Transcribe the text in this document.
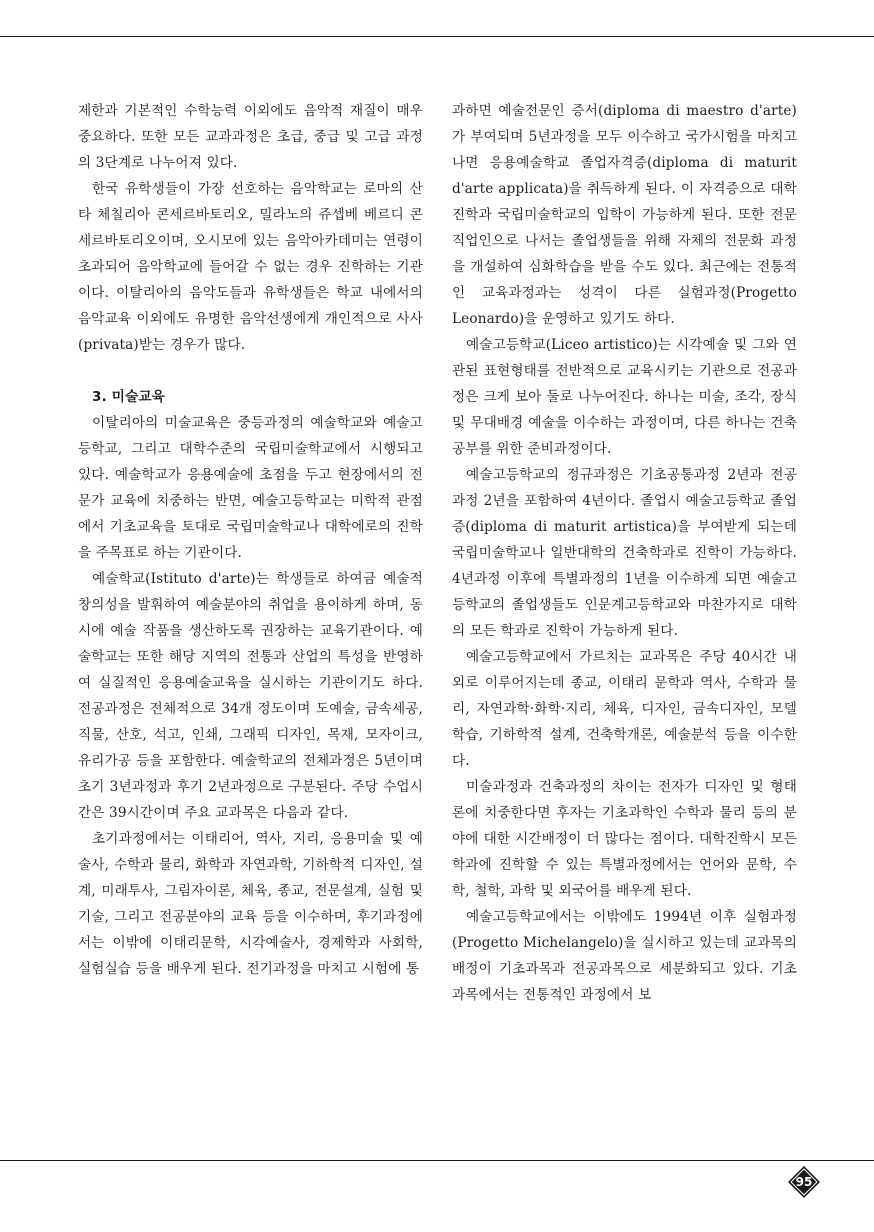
제한과 기본적인 수학능력 이외에도 음악적 재질이 매우 중요하다. 또한 모든 교과과정은 초급, 중급 및 고급 과정의 3단계로 나누어져 있다.

한국 유학생들이 가장 선호하는 음악학교는 로마의 산타 체칠리아 콘세르바토리오, 밀라노의 쥬셉베 베르디 콘세르바토리오이며, 오시모에 있는 음악아카데미는 연령이 초과되어 음악학교에 들어갈 수 없는 경우 진학하는 기관이다. 이탈리아의 음악도들과 유학생들은 학교 내에서의 음악교육 이외에도 유명한 음악선생에게 개인적으로 사사(privata)받는 경우가 많다.

3. 미술교육

이탈리아의 미술교육은 중등과정의 예술학교와 예술고등학교, 그리고 대학수준의 국립미술학교에서 시행되고 있다. 예술학교가 응용예술에 초점을 두고 현장에서의 전문가 교육에 치중하는 반면, 예술고등학교는 미학적 관점에서 기초교육을 토대로 국립미술학교나 대학에로의 진학을 주목표로 하는 기관이다.

예술학교(Istituto d'arte)는 학생들로 하여금 예술적 창의성을 발휘하여 예술분야의 취업을 용이하게 하며, 동시에 예술 작품을 생산하도록 권장하는 교육기관이다. 예술학교는 또한 해당 지역의 전통과 산업의 특성을 반영하여 실질적인 응용예술교육을 실시하는 기관이기도 하다. 전공과정은 전체적으로 34개 정도이며 도예술, 금속세공, 직물, 산호, 석고, 인쇄, 그래픽 디자인, 목재, 모자이크, 유리가공 등을 포함한다. 예술학교의 전체과정은 5년이며 초기 3년과정과 후기 2년과정으로 구분된다. 주당 수업시간은 39시간이며 주요 교과목은 다음과 같다.

초기과정에서는 이태리어, 역사, 지리, 응용미술 및 예술사, 수학과 물리, 화학과 자연과학, 기하학적 디자인, 설계, 미래투사, 그림자이론, 체육, 종교, 전문설계, 실험 및 기술, 그리고 전공분야의 교육 등을 이수하며, 후기과정에서는 이밖에 이태리문학, 시각예술사, 경제학과 사회학, 실험실습 등을 배우게 된다. 전기과정을 마치고 시험에 통

과하면 예술전문인 증서(diploma di maestro d'arte)가 부여되며 5년과정을 모두 이수하고 국가시험을 마치고 나면 응용예술학교 졸업자격증(diploma di maturit d'arte applicata)을 취득하게 된다. 이 자격증으로 대학 진학과 국립미술학교의 입학이 가능하게 된다. 또한 전문직업인으로 나서는 졸업생들을 위해 자체의 전문화 과정을 개설하여 심화학습을 받을 수도 있다. 최근에는 전통적인 교육과정과는 성격이 다른 실험과정(Progetto Leonardo)을 운영하고 있기도 하다.

예술고등학교(Liceo artistico)는 시각예술 및 그와 연관된 표현형태를 전반적으로 교육시키는 기관으로 전공과정은 크게 보아 둘로 나누어진다. 하나는 미술, 조각, 장식 및 무대배경 예술을 이수하는 과정이며, 다른 하나는 건축공부를 위한 준비과정이다.

예술고등학교의 정규과정은 기초공통과정 2년과 전공과정 2년을 포함하여 4년이다. 졸업시 예술고등학교 졸업증(diploma di maturit artistica)을 부여받게 되는데 국립미술학교나 일반대학의 건축학과로 진학이 가능하다. 4년과정 이후에 특별과정의 1년을 이수하게 되면 예술고등학교의 졸업생들도 인문계고등학교와 마찬가지로 대학의 모든 학과로 진학이 가능하게 된다.

예술고등학교에서 가르치는 교과목은 주당 40시간 내외로 이루어지는데 종교, 이태리 문학과 역사, 수학과 물리, 자연과학·화학·지리, 체육, 디자인, 금속디자인, 모델학습, 기하학적 설계, 건축학개론, 예술분석 등을 이수한다.

미술과정과 건축과정의 차이는 전자가 디자인 및 형태론에 치중한다면 후자는 기초과학인 수학과 물리 등의 분야에 대한 시간배정이 더 많다는 점이다. 대학진학시 모든 학과에 진학할 수 있는 특별과정에서는 언어와 문학, 수학, 철학, 과학 및 외국어를 배우게 된다.

예술고등학교에서는 이밖에도 1994년 이후 실험과정(Progetto Michelangelo)을 실시하고 있는데 교과목의 배정이 기초과목과 전공과목으로 세분화되고 있다. 기초과목에서는 전통적인 과정에서 보

95
